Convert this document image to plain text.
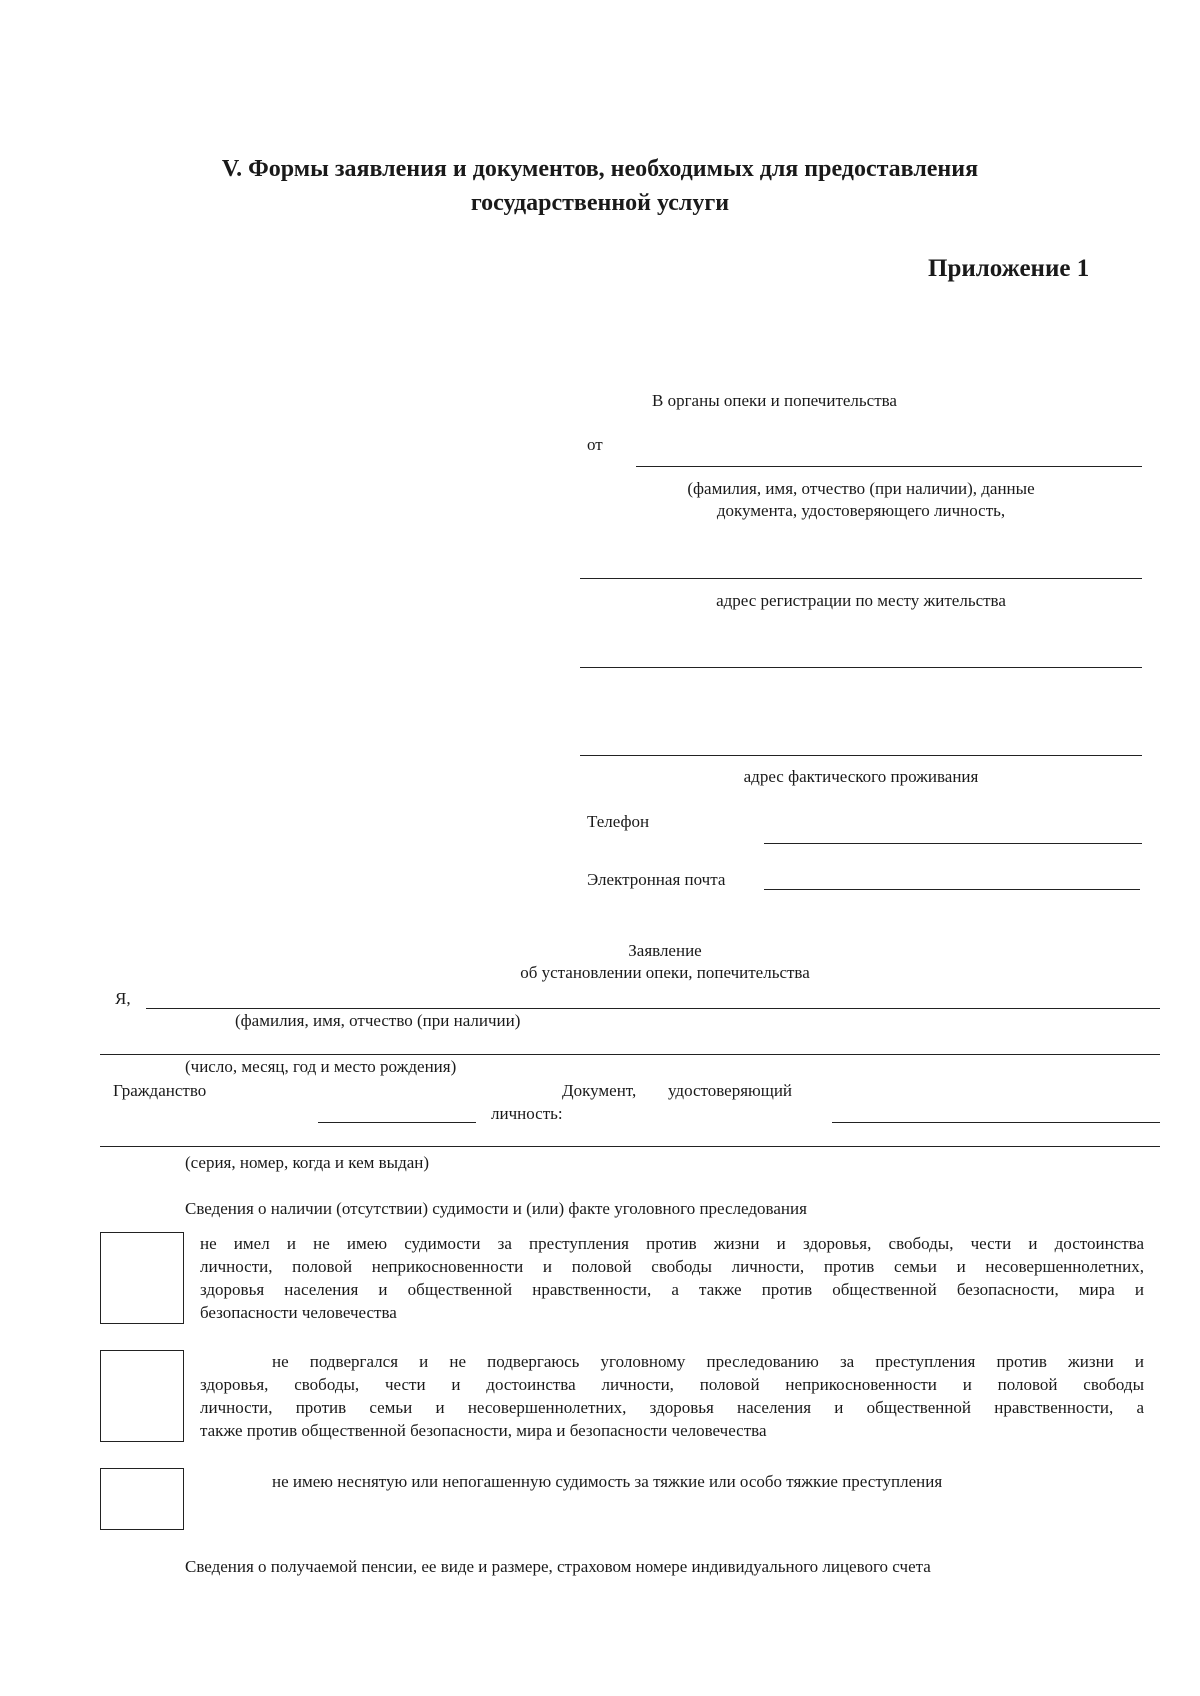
V. Формы заявления и документов, необходимых для предоставления
государственной услуги
Приложение 1
В органы опеки и попечительства
от
(фамилия, имя, отчество (при наличии), данные
документа, удостоверяющего личность,
адрес регистрации по месту жительства
адрес фактического проживания
Телефон
Электронная почта
Заявление
об установлении опеки, попечительства
Я,
(фамилия, имя, отчество (при наличии)
(число, месяц, год и место рождения)
Гражданство	Документ, удостоверяющий
личность:
(серия, номер, когда и кем выдан)
Сведения о наличии (отсутствии) судимости и (или) факте уголовного преследования
не имел и не имею судимости за преступления против жизни и здоровья, свободы, чести и достоинства
личности, половой неприкосновенности и половой свободы личности, против семьи и несовершеннолетних,
здоровья населения и общественной нравственности, а также против общественной безопасности, мира и
безопасности человечества
не подвергался и не подвергаюсь уголовному преследованию за преступления против жизни и
здоровья, свободы, чести и достоинства личности, половой неприкосновенности и половой свободы
личности, против семьи и несовершеннолетних, здоровья населения и общественной нравственности, а
также против общественной безопасности, мира и безопасности человечества
не имею неснятую или непогашенную судимость за тяжкие или особо тяжкие преступления
Сведения о получаемой пенсии, ее виде и размере, страховом номере индивидуального лицевого счета
